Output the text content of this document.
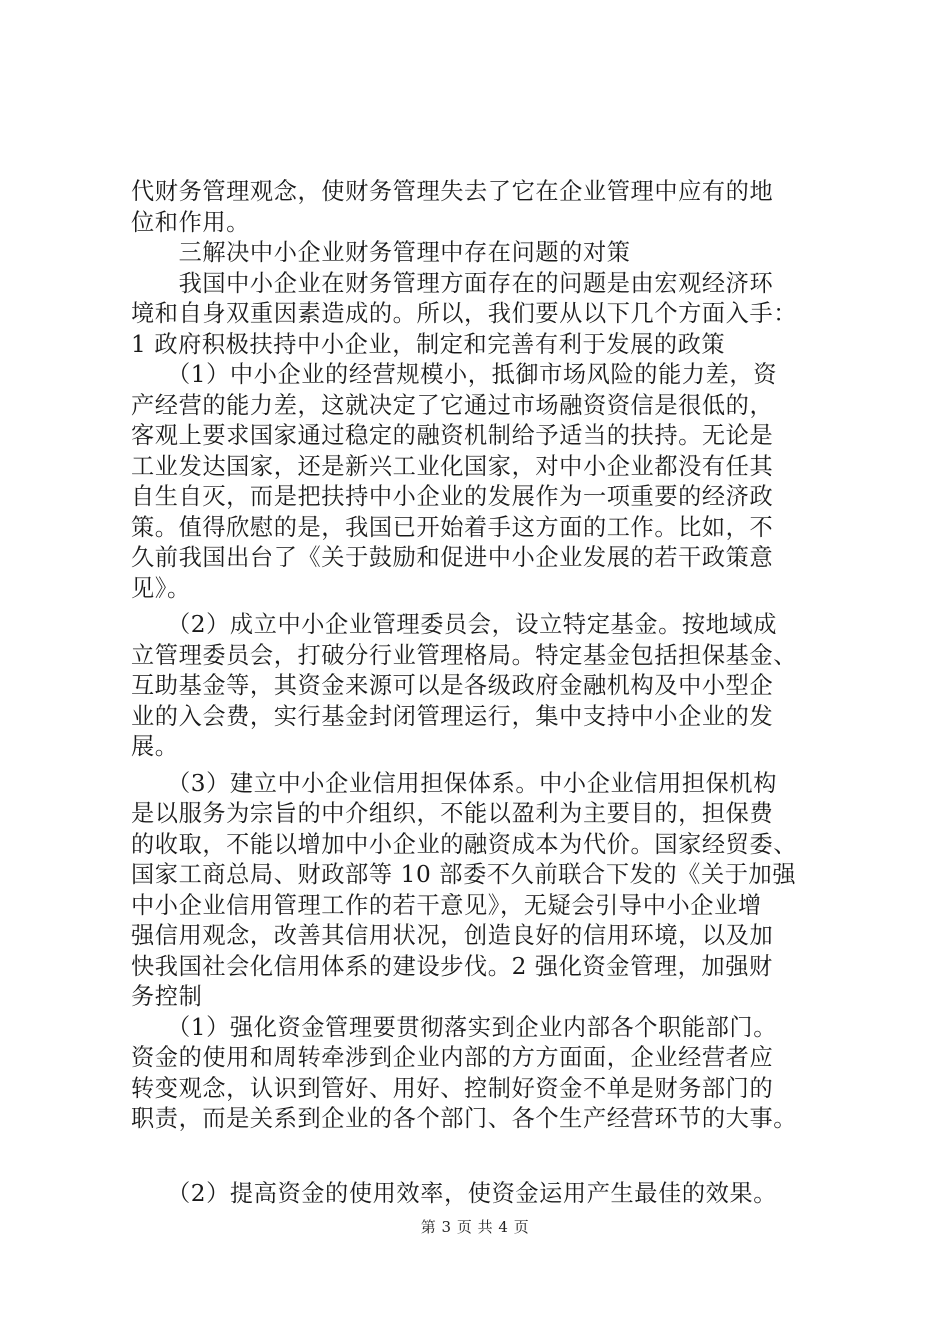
代财务管理观念，使财务管理失去了它在企业管理中应有的地
位和作用。
　　三解决中小企业财务管理中存在问题的对策
　　我国中小企业在财务管理方面存在的问题是由宏观经济环
境和自身双重因素造成的。所以，我们要从以下几个方面入手：
1 政府积极扶持中小企业，制定和完善有利于发展的政策
　　（1）中小企业的经营规模小，抵御市场风险的能力差，资
产经营的能力差，这就决定了它通过市场融资资信是很低的，
客观上要求国家通过稳定的融资机制给予适当的扶持。无论是
工业发达国家，还是新兴工业化国家，对中小企业都没有任其
自生自灭，而是把扶持中小企业的发展作为一项重要的经济政
策。值得欣慰的是，我国已开始着手这方面的工作。比如，不
久前我国出台了《关于鼓励和促进中小企业发展的若干政策意
见》。
　　（2）成立中小企业管理委员会，设立特定基金。按地域成
立管理委员会，打破分行业管理格局。特定基金包括担保基金、
互助基金等，其资金来源可以是各级政府金融机构及中小型企
业的入会费，实行基金封闭管理运行，集中支持中小企业的发
展。
　　（3）建立中小企业信用担保体系。中小企业信用担保机构
是以服务为宗旨的中介组织，不能以盈利为主要目的，担保费
的收取，不能以增加中小企业的融资成本为代价。国家经贸委、
国家工商总局、财政部等 10 部委不久前联合下发的《关于加强
中小企业信用管理工作的若干意见》，无疑会引导中小企业增
强信用观念，改善其信用状况，创造良好的信用环境，以及加
快我国社会化信用体系的建设步伐。2 强化资金管理，加强财
务控制
　　（1）强化资金管理要贯彻落实到企业内部各个职能部门。
资金的使用和周转牵涉到企业内部的方方面面，企业经营者应
转变观念，认识到管好、用好、控制好资金不单是财务部门的
职责，而是关系到企业的各个部门、各个生产经营环节的大事。
　　（2）提高资金的使用效率，使资金运用产生最佳的效果。
第 3 页 共 4 页
